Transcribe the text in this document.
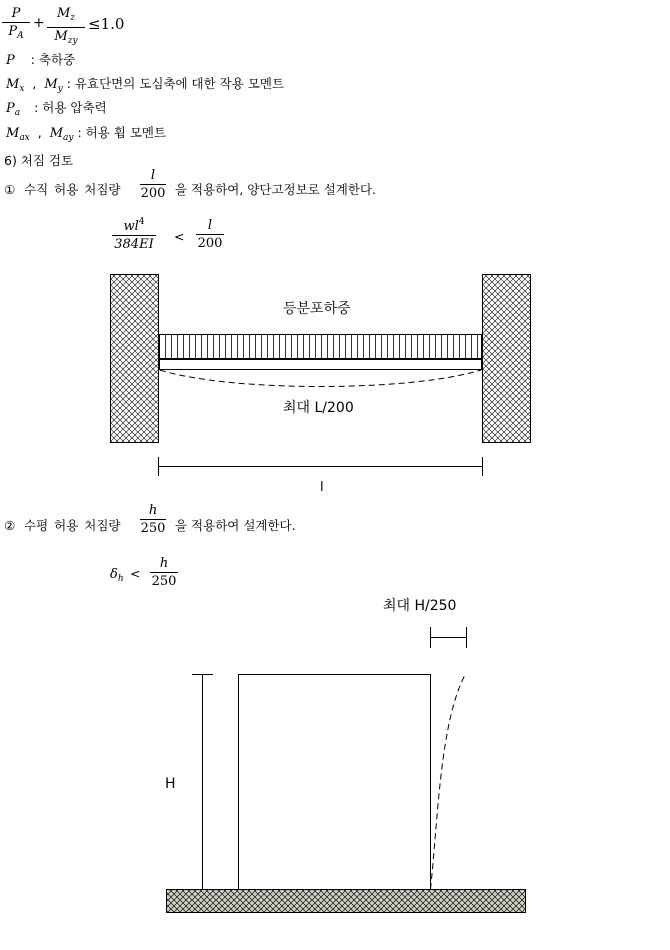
P
$P_A$
+
$M_z$
$M_{zy}$
≤1.0
P : 축하중
$M_x$ , $M_y$ : 유효단면의 도심축에 대한 작용 모멘트
$P_a$ : 허용 압축력
$M_{ax}$ , $M_{ay}$ : 허용 휨 모멘트
6) 처짐 검토
① 수직 허용 처짐량
l
200 을 적용하여, 양단고정보로 설계한다.
$wl^4$
384EI
<
l
200
등분포하중
최대 L/200
l
② 수평 허용 처짐량
h
250 을 적용하여 설계한다.
$\delta_h$ <
h
250
최대 H/250
H
